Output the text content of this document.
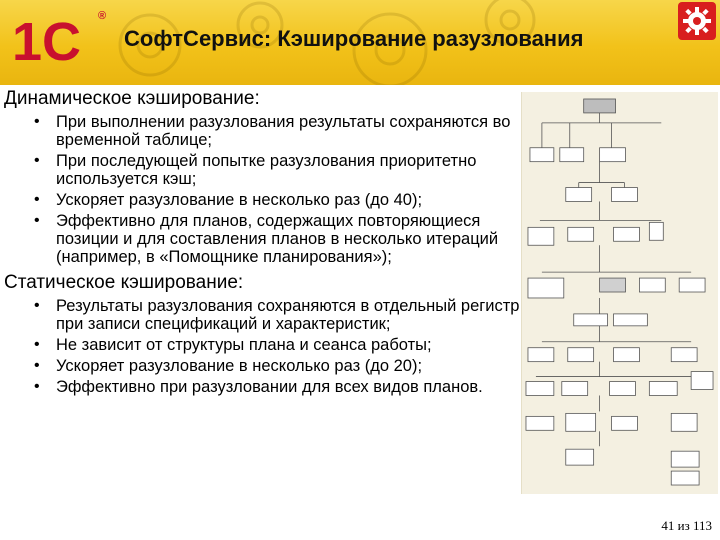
1С ®
СофтСервис: Кэширование разузлования
Динамическое кэширование:
• При выполнении разузлования результаты сохраняются во временной таблице;
• При последующей попытке разузлования приоритетно используется кэш;
• Ускоряет разузлование в несколько раз (до 40);
• Эффективно для планов, содержащих повторяющиеся позиции и для составления планов в несколько итераций (например, в «Помощнике планирования»);
Статическое кэширование:
• Результаты разузлования сохраняются в отдельный регистр при записи спецификаций и характеристик;
• Не зависит от структуры плана и сеанса работы;
• Ускоряет разузлование в несколько раз (до 20);
• Эффективно при разузловании для всех видов планов.
41 из 113
